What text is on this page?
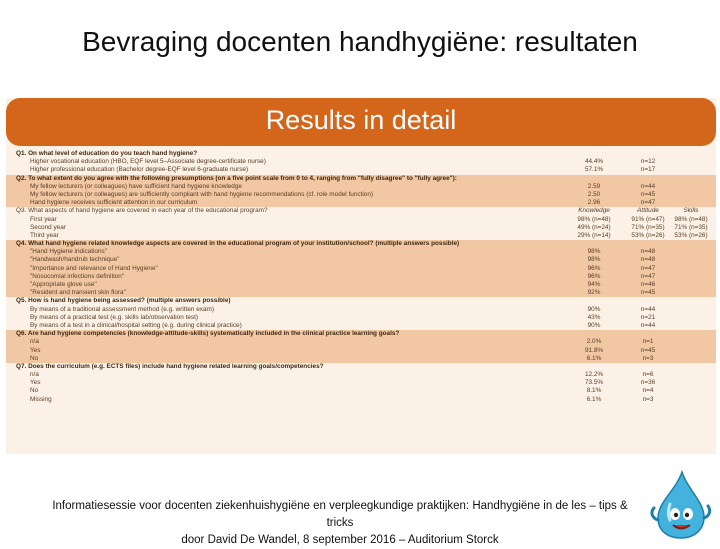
Bevraging docenten handhygiëne: resultaten
Results in detail
Q1. On what level of education do you teach hand hygiene?
Higher vocational education (HBO, EQF level 5–Associate degree-certificate nurse)	44.4%	n=12
Higher professional education (Bachelor degree-EQF level 6-graduate nurse)	57.1%	n=17
Q2. To what extent do you agree with the following presumptions (on a five point scale from 0 to 4, ranging from "fully disagree" to "fully agree"):
My fellow lecturers (or colleagues) have sufficient hand hygiene knowledge	2.59	n=44
My fellow lecturers (or colleagues) are sufficiently compliant with hand hygiene recommendations (cf. role model function)	2.50	n=45
Hand hygiene receives sufficient attention in our curriculum	2.96	n=47
Q3. What aspects of hand hygiene are covered in each year of the educational program?	Knowledge	Attitude	Skills
First year	98% (n=48)	91% (n=47)	98% (n=48)
Second year	49% (n=24)	71% (n=35)	71% (n=35)
Third year	29% (n=14)	53% (n=26)	53% (n=26)
Q4. What hand hygiene related knowledge aspects are covered in the educational program of your institution/school? (multiple answers possible)
"Hand Hygiene indications"	98%	n=48
"Handwash/handrub technique"	98%	n=48
"Importance and relevance of Hand Hygiene"	96%	n=47
"Nosocomial infections definition"	96%	n=47
"Appropriate glove use"	94%	n=46
"Resident and transient skin flora"	92%	n=45
Q5. How is hand hygiene being assessed? (multiple answers possible)
By means of a traditional assessment method (e.g. written exam)	90%	n=44
By means of a practical test (e.g. skills lab/observation test)	43%	n=21
By means of a test in a clinical/hospital setting (e.g. during clinical practice)	90%	n=44
Q6. Are hand hygiene competencies (knowledge-attitude-skills) systematically included in the clinical practice learning goals?
n/a	2.0%	n=1
Yes	91.8%	n=45
No	6.1%	n=3
Q7. Does the curriculum (e.g. ECTS files) include hand hygiene related learning goals/competencies?
n/a	12.2%	n=6
Yes	73.5%	n=36
No	8.1%	n=4
Missing	6.1%	n=3
Informatiesessie voor docenten ziekenhuishygiëne en verpleegkundige praktijken: Handhygiëne in de les – tips & tricks
door David De Wandel, 8 september 2016 – Auditorium Storck
